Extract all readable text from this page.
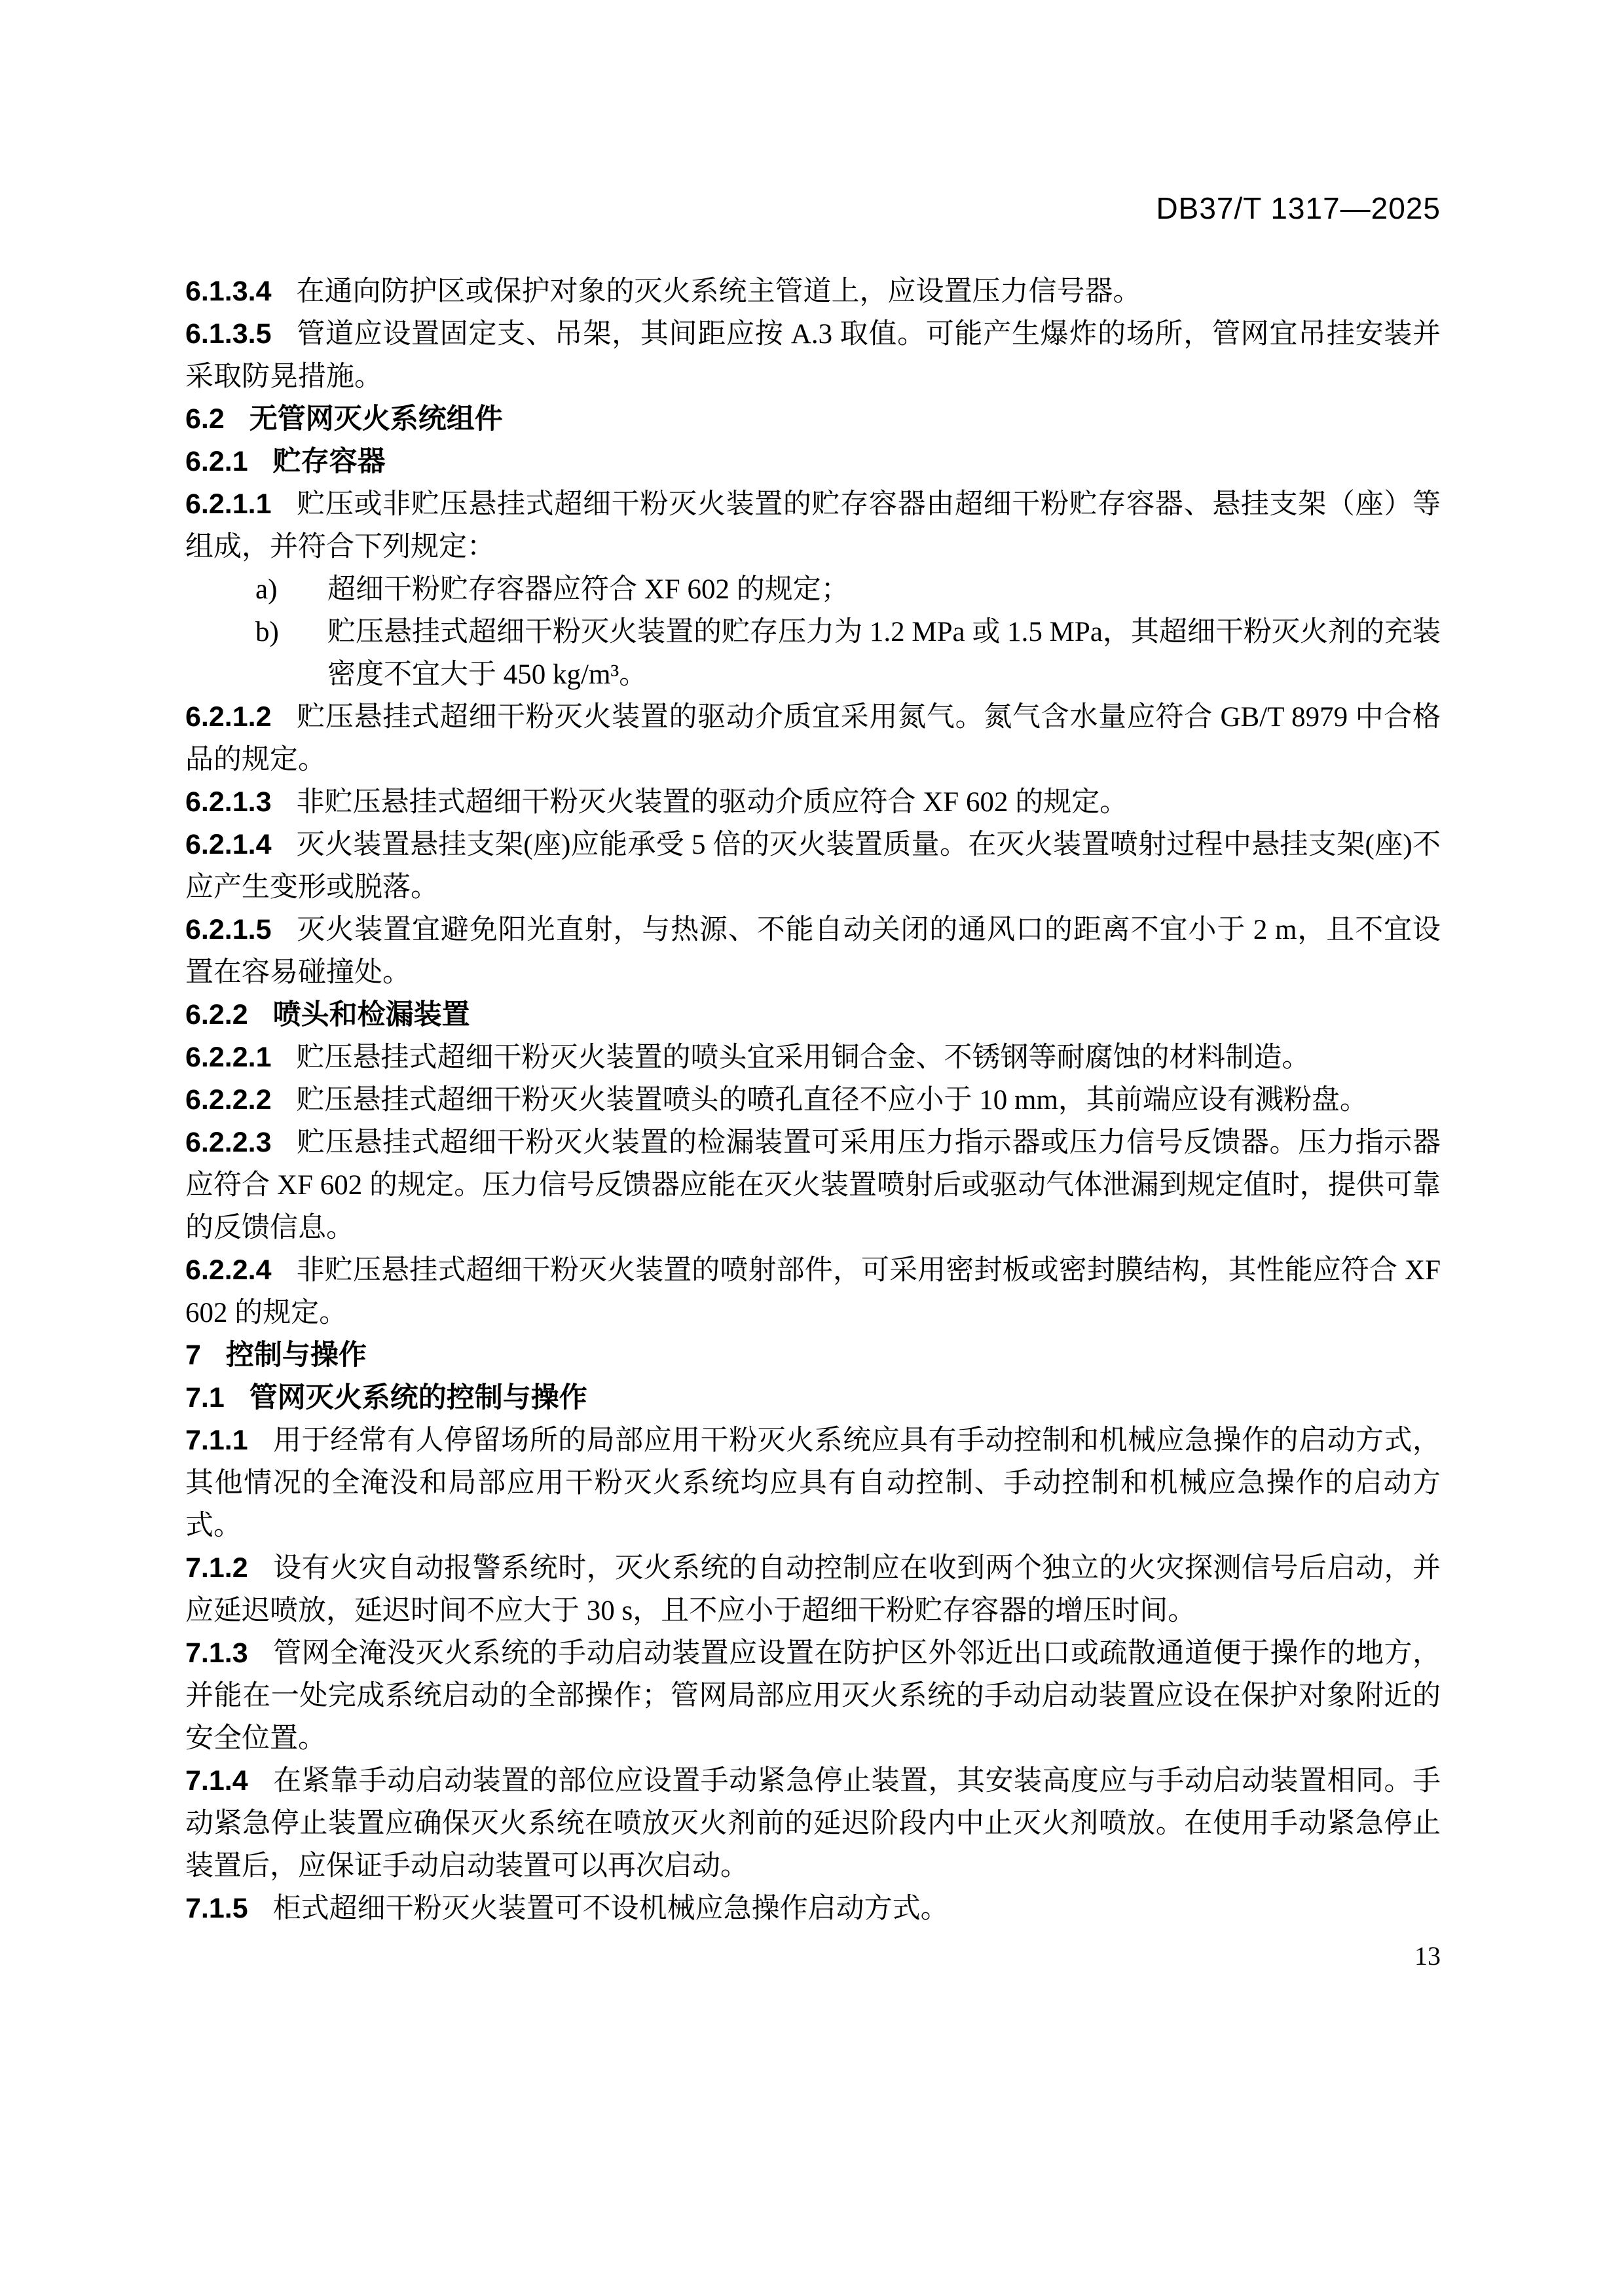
DB37/T 1317—2025

6.1.3.4 在通向防护区或保护对象的灭火系统主管道上，应设置压力信号器。

6.1.3.5 管道应设置固定支、吊架，其间距应按 A.3 取值。可能产生爆炸的场所，管网宜吊挂安装并采取防晃措施。

6.2 无管网灭火系统组件

6.2.1 贮存容器

6.2.1.1 贮压或非贮压悬挂式超细干粉灭火装置的贮存容器由超细干粉贮存容器、悬挂支架（座）等组成，并符合下列规定：

a) 超细干粉贮存容器应符合 XF 602 的规定；

b) 贮压悬挂式超细干粉灭火装置的贮存压力为 1.2 MPa 或 1.5 MPa，其超细干粉灭火剂的充装密度不宜大于 450 kg/m³。

6.2.1.2 贮压悬挂式超细干粉灭火装置的驱动介质宜采用氮气。氮气含水量应符合 GB/T 8979 中合格品的规定。

6.2.1.3 非贮压悬挂式超细干粉灭火装置的驱动介质应符合 XF 602 的规定。

6.2.1.4 灭火装置悬挂支架(座)应能承受 5 倍的灭火装置质量。在灭火装置喷射过程中悬挂支架(座)不应产生变形或脱落。

6.2.1.5 灭火装置宜避免阳光直射，与热源、不能自动关闭的通风口的距离不宜小于 2 m，且不宜设置在容易碰撞处。

6.2.2 喷头和检漏装置

6.2.2.1 贮压悬挂式超细干粉灭火装置的喷头宜采用铜合金、不锈钢等耐腐蚀的材料制造。

6.2.2.2 贮压悬挂式超细干粉灭火装置喷头的喷孔直径不应小于 10 mm，其前端应设有溅粉盘。

6.2.2.3 贮压悬挂式超细干粉灭火装置的检漏装置可采用压力指示器或压力信号反馈器。压力指示器应符合 XF 602 的规定。压力信号反馈器应能在灭火装置喷射后或驱动气体泄漏到规定值时，提供可靠的反馈信息。

6.2.2.4 非贮压悬挂式超细干粉灭火装置的喷射部件，可采用密封板或密封膜结构，其性能应符合 XF 602 的规定。

7 控制与操作

7.1 管网灭火系统的控制与操作

7.1.1 用于经常有人停留场所的局部应用干粉灭火系统应具有手动控制和机械应急操作的启动方式，其他情况的全淹没和局部应用干粉灭火系统均应具有自动控制、手动控制和机械应急操作的启动方式。

7.1.2 设有火灾自动报警系统时，灭火系统的自动控制应在收到两个独立的火灾探测信号后启动，并应延迟喷放，延迟时间不应大于 30 s，且不应小于超细干粉贮存容器的增压时间。

7.1.3 管网全淹没灭火系统的手动启动装置应设置在防护区外邻近出口或疏散通道便于操作的地方，并能在一处完成系统启动的全部操作；管网局部应用灭火系统的手动启动装置应设在保护对象附近的安全位置。

7.1.4 在紧靠手动启动装置的部位应设置手动紧急停止装置，其安装高度应与手动启动装置相同。手动紧急停止装置应确保灭火系统在喷放灭火剂前的延迟阶段内中止灭火剂喷放。在使用手动紧急停止装置后，应保证手动启动装置可以再次启动。

7.1.5 柜式超细干粉灭火装置可不设机械应急操作启动方式。

13
